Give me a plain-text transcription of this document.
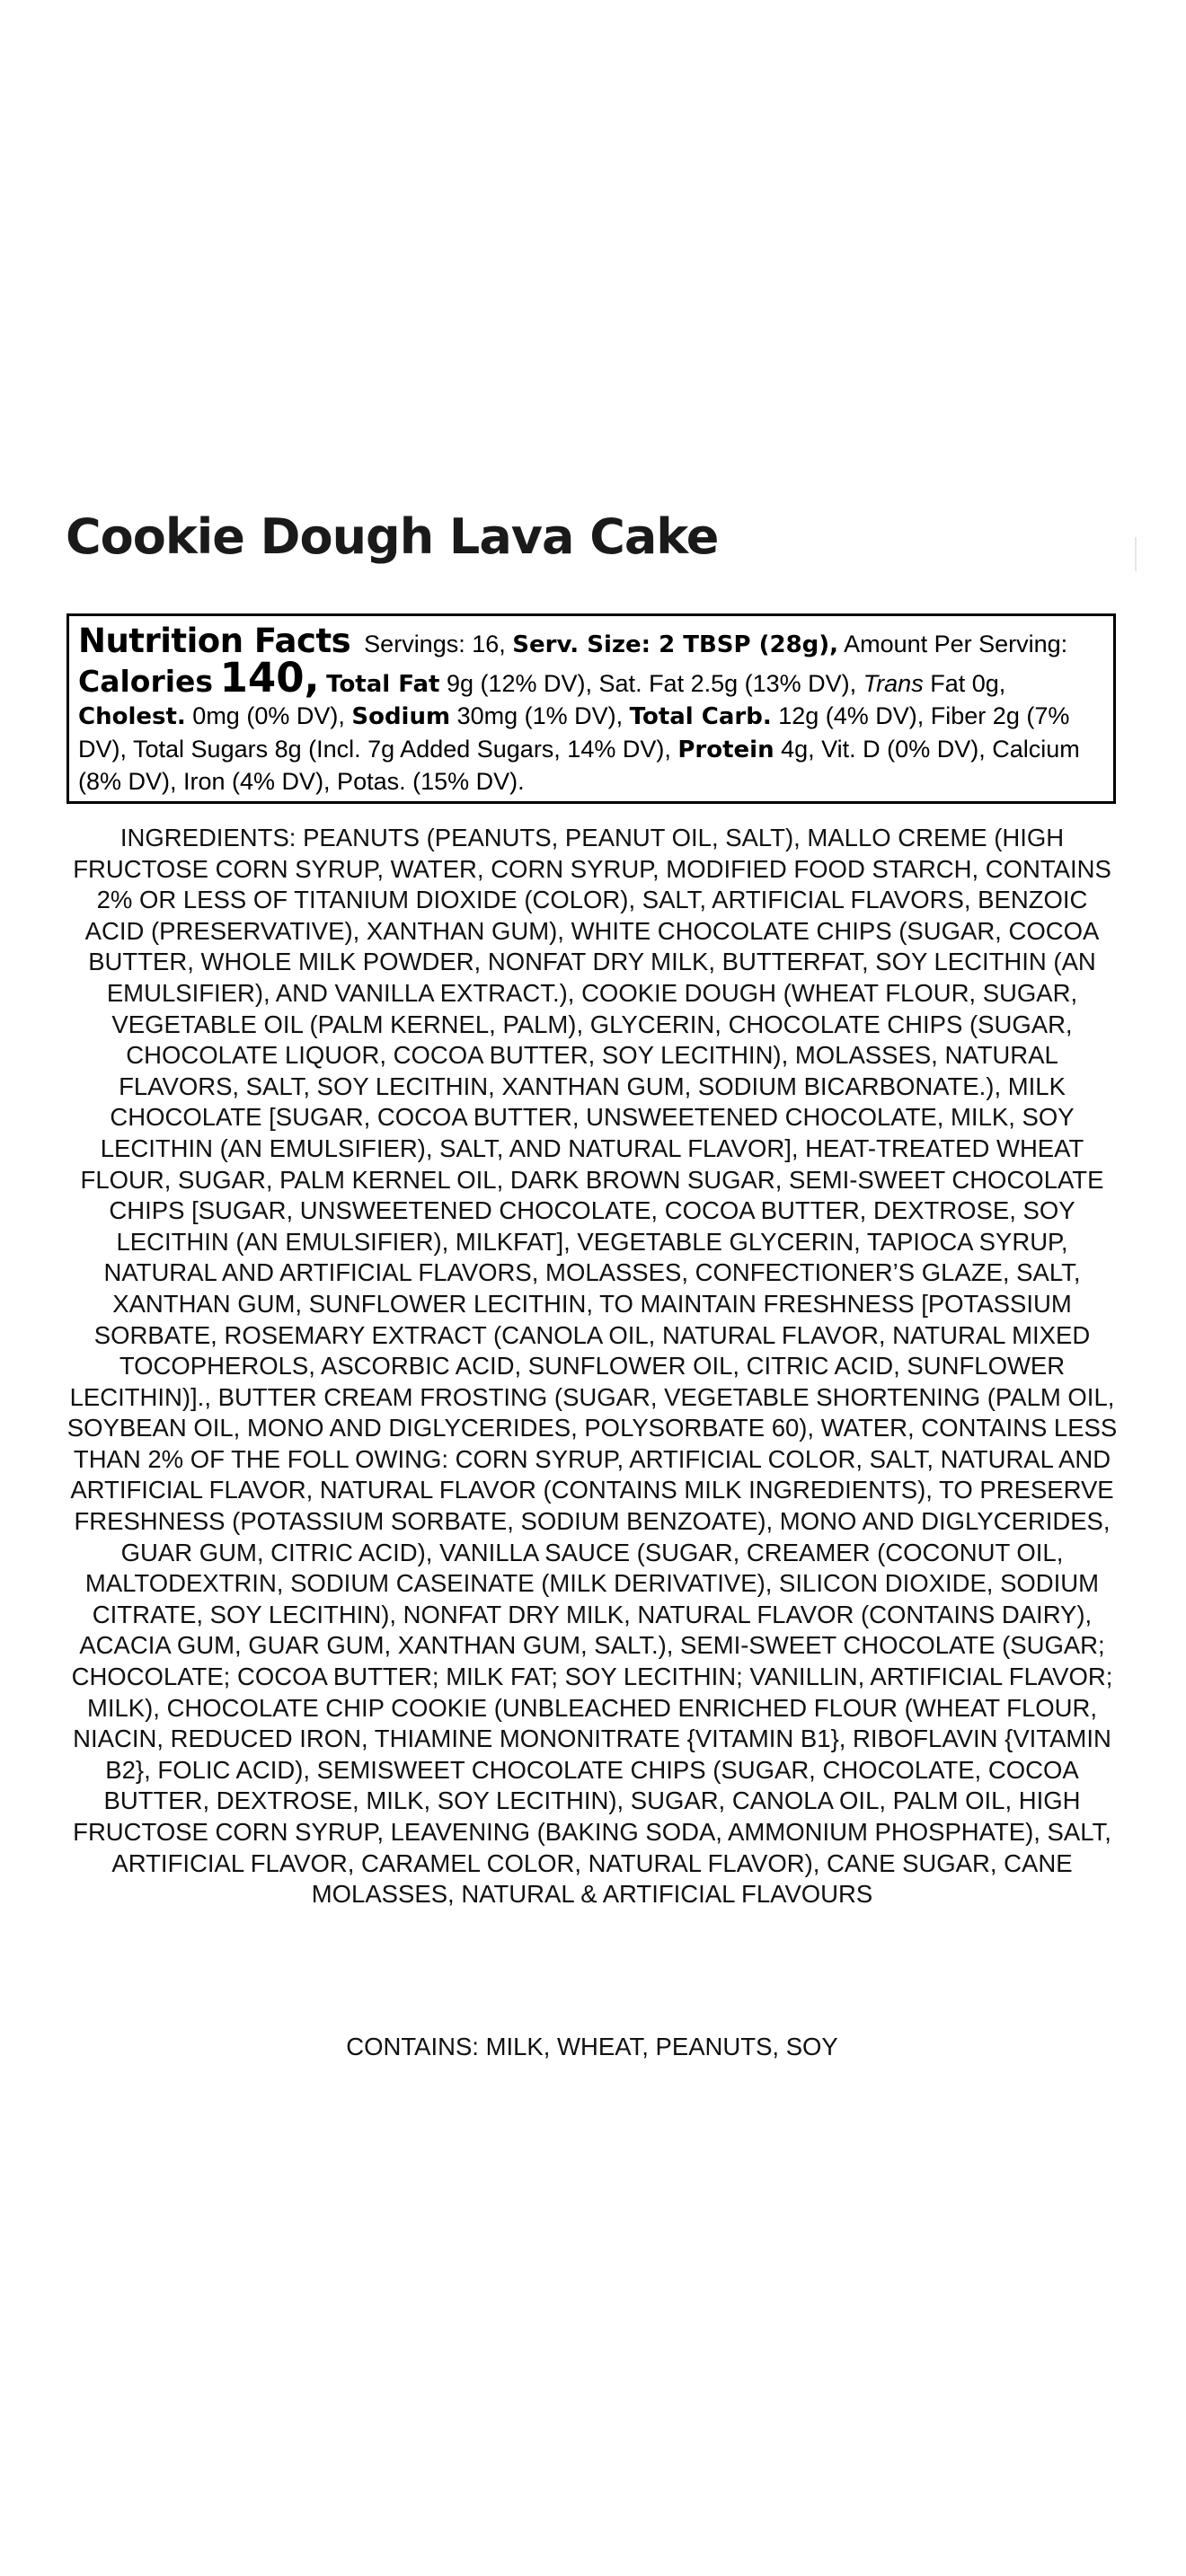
Cookie Dough Lava Cake
Nutrition Facts Servings: 16, Serv. Size: 2 TBSP (28g), Amount Per Serving: Calories 140, Total Fat 9g (12% DV), Sat. Fat 2.5g (13% DV), Trans Fat 0g, Cholest. 0mg (0% DV), Sodium 30mg (1% DV), Total Carb. 12g (4% DV), Fiber 2g (7% DV), Total Sugars 8g (Incl. 7g Added Sugars, 14% DV), Protein 4g, Vit. D (0% DV), Calcium (8% DV), Iron (4% DV), Potas. (15% DV).

INGREDIENTS: PEANUTS (PEANUTS, PEANUT OIL, SALT), MALLO CREME (HIGH FRUCTOSE CORN SYRUP, WATER, CORN SYRUP, MODIFIED FOOD STARCH, CONTAINS 2% OR LESS OF TITANIUM DIOXIDE (COLOR), SALT, ARTIFICIAL FLAVORS, BENZOIC ACID (PRESERVATIVE), XANTHAN GUM), WHITE CHOCOLATE CHIPS (SUGAR, COCOA BUTTER, WHOLE MILK POWDER, NONFAT DRY MILK, BUTTERFAT, SOY LECITHIN (AN EMULSIFIER), AND VANILLA EXTRACT.), COOKIE DOUGH (WHEAT FLOUR, SUGAR, VEGETABLE OIL (PALM KERNEL, PALM), GLYCERIN, CHOCOLATE CHIPS (SUGAR, CHOCOLATE LIQUOR, COCOA BUTTER, SOY LECITHIN), MOLASSES, NATURAL FLAVORS, SALT, SOY LECITHIN, XANTHAN GUM, SODIUM BICARBONATE.), MILK CHOCOLATE [SUGAR, COCOA BUTTER, UNSWEETENED CHOCOLATE, MILK, SOY LECITHIN (AN EMULSIFIER), SALT, AND NATURAL FLAVOR], HEAT-TREATED WHEAT FLOUR, SUGAR, PALM KERNEL OIL, DARK BROWN SUGAR, SEMI-SWEET CHOCOLATE CHIPS [SUGAR, UNSWEETENED CHOCOLATE, COCOA BUTTER, DEXTROSE, SOY LECITHIN (AN EMULSIFIER), MILKFAT], VEGETABLE GLYCERIN, TAPIOCA SYRUP, NATURAL AND ARTIFICIAL FLAVORS, MOLASSES, CONFECTIONER’S GLAZE, SALT, XANTHAN GUM, SUNFLOWER LECITHIN, TO MAINTAIN FRESHNESS [POTASSIUM SORBATE, ROSEMARY EXTRACT (CANOLA OIL, NATURAL FLAVOR, NATURAL MIXED TOCOPHEROLS, ASCORBIC ACID, SUNFLOWER OIL, CITRIC ACID, SUNFLOWER LECITHIN)]., BUTTER CREAM FROSTING (SUGAR, VEGETABLE SHORTENING (PALM OIL, SOYBEAN OIL, MONO AND DIGLYCERIDES, POLYSORBATE 60), WATER, CONTAINS LESS THAN 2% OF THE FOLL OWING: CORN SYRUP, ARTIFICIAL COLOR, SALT, NATURAL AND ARTIFICIAL FLAVOR, NATURAL FLAVOR (CONTAINS MILK INGREDIENTS), TO PRESERVE FRESHNESS (POTASSIUM SORBATE, SODIUM BENZOATE), MONO AND DIGLYCERIDES, GUAR GUM, CITRIC ACID), VANILLA SAUCE (SUGAR, CREAMER (COCONUT OIL, MALTODEXTRIN, SODIUM CASEINATE (MILK DERIVATIVE), SILICON DIOXIDE, SODIUM CITRATE, SOY LECITHIN), NONFAT DRY MILK, NATURAL FLAVOR (CONTAINS DAIRY), ACACIA GUM, GUAR GUM, XANTHAN GUM, SALT.), SEMI-SWEET CHOCOLATE (SUGAR; CHOCOLATE; COCOA BUTTER; MILK FAT; SOY LECITHIN; VANILLIN, ARTIFICIAL FLAVOR; MILK), CHOCOLATE CHIP COOKIE (UNBLEACHED ENRICHED FLOUR (WHEAT FLOUR, NIACIN, REDUCED IRON, THIAMINE MONONITRATE {VITAMIN B1}, RIBOFLAVIN {VITAMIN B2}, FOLIC ACID), SEMISWEET CHOCOLATE CHIPS (SUGAR, CHOCOLATE, COCOA BUTTER, DEXTROSE, MILK, SOY LECITHIN), SUGAR, CANOLA OIL, PALM OIL, HIGH FRUCTOSE CORN SYRUP, LEAVENING (BAKING SODA, AMMONIUM PHOSPHATE), SALT, ARTIFICIAL FLAVOR, CARAMEL COLOR, NATURAL FLAVOR), CANE SUGAR, CANE MOLASSES, NATURAL & ARTIFICIAL FLAVOURS

CONTAINS: MILK, WHEAT, PEANUTS, SOY
